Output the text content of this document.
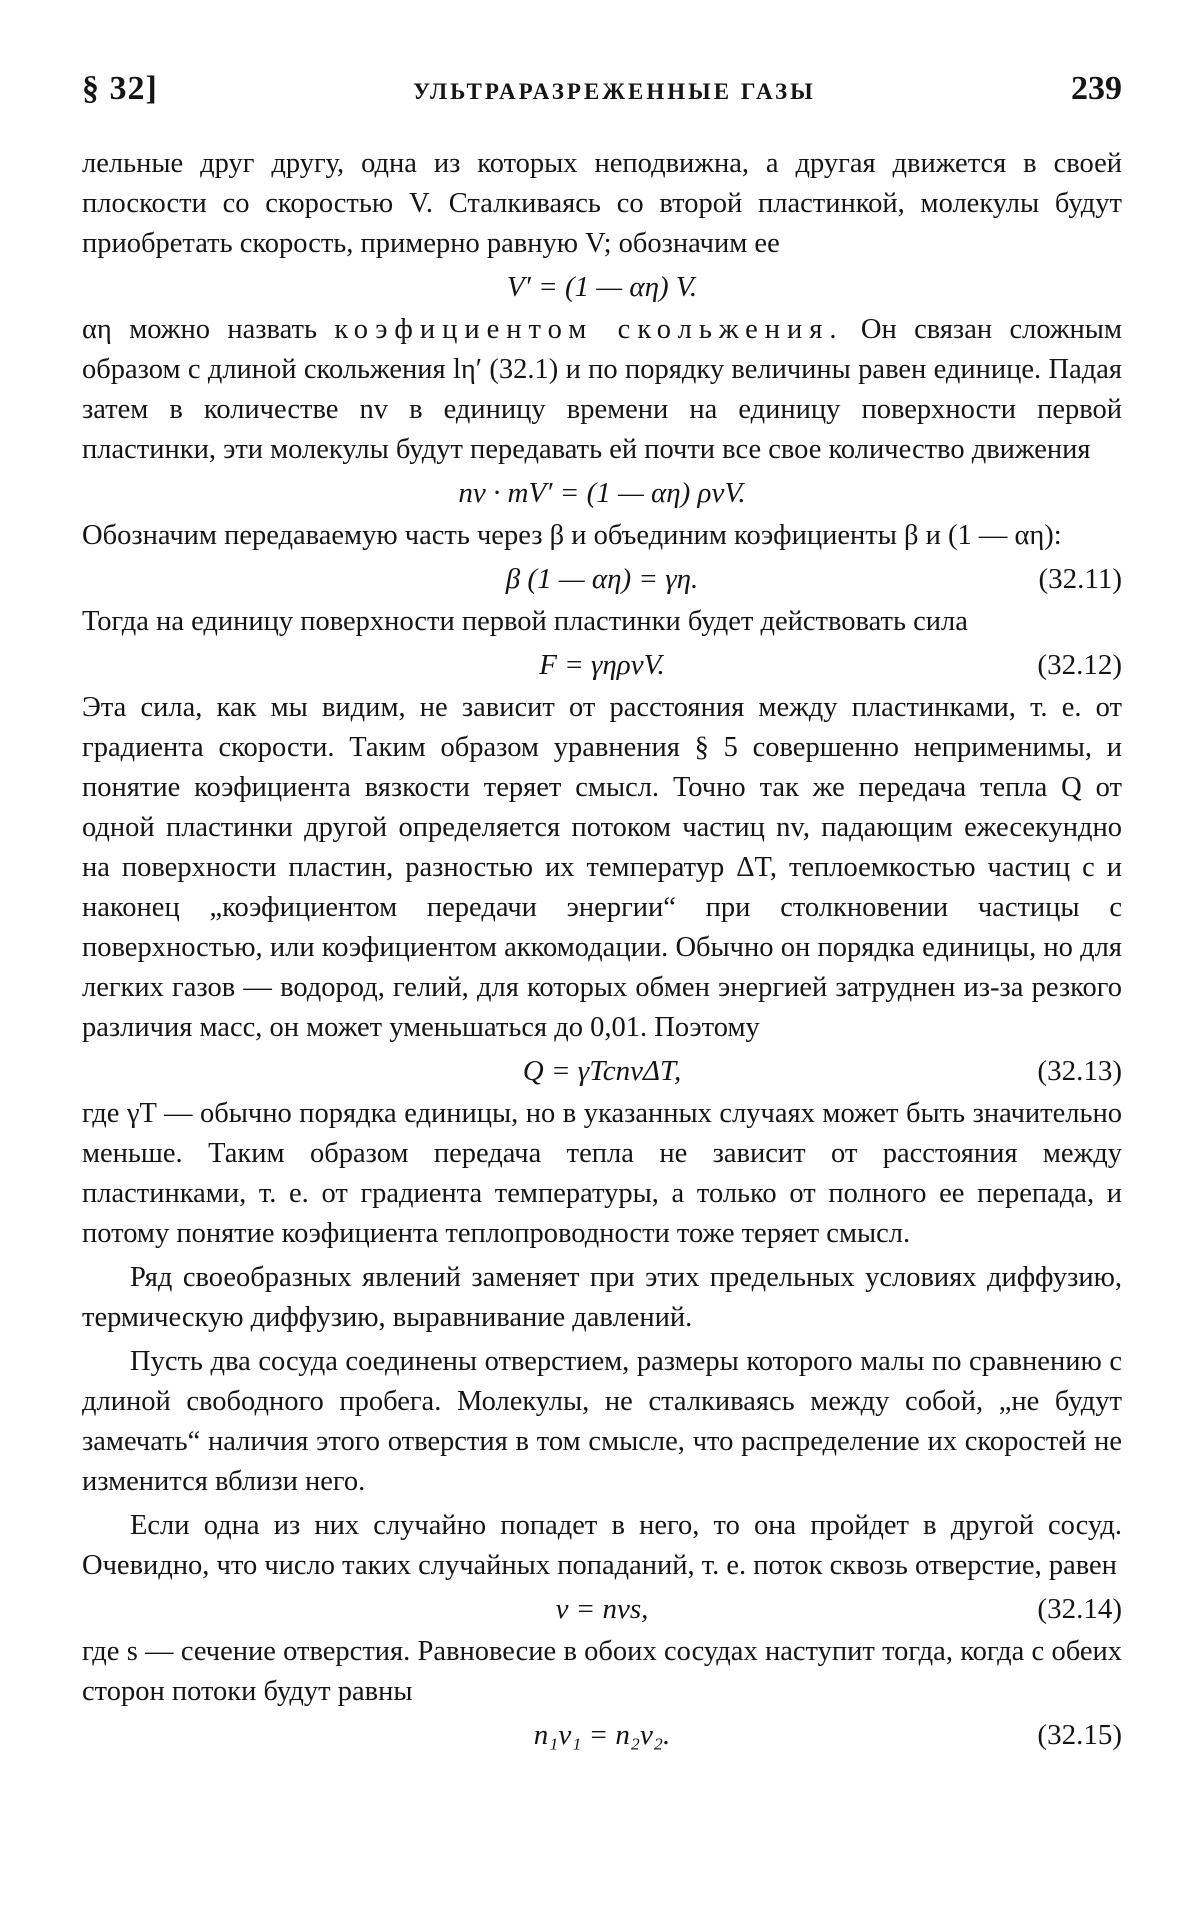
§ 32]	УЛЬТРАРАЗРЕЖЕННЫЕ ГАЗЫ	239

лельные друг другу, одна из которых неподвижна, а другая движется в своей плоскости со скоростью V. Сталкиваясь со второй пластинкой, молекулы будут приобретать скорость, примерно равную V; обозначим ее

V′ = (1 — αη) V.

αη можно назвать коэфициентом скольжения. Он связан сложным образом с длиной скольжения lη′ (32.1) и по порядку величины равен единице. Падая затем в количестве nv в единицу времени на единицу поверхности первой пластинки, эти молекулы будут передавать ей почти все свое количество движения

nv · mV′ = (1 — αη) ρvV.

Обозначим передаваемую часть через β и объединим коэфициенты β и (1 — αη):

β (1 — αη) = γη.	(32.11)

Тогда на единицу поверхности первой пластинки будет действовать сила

F = γηρvV.	(32.12)

Эта сила, как мы видим, не зависит от расстояния между пластинками, т. е. от градиента скорости. Таким образом уравнения § 5 совершенно неприменимы, и понятие коэфициента вязкости теряет смысл. Точно так же передача тепла Q от одной пластинки другой определяется потоком частиц nv, падающим ежесекундно на поверхности пластин, разностью их температур ΔT, теплоемкостью частиц c и наконец „коэфициентом передачи энергии“ при столкновении частицы с поверхностью, или коэфициентом аккомодации. Обычно он порядка единицы, но для легких газов — водород, гелий, для которых обмен энергией затруднен из-за резкого различия масс, он может уменьшаться до 0,01. Поэтому

Q = γTcnvΔT,	(32.13)

где γT — обычно порядка единицы, но в указанных случаях может быть значительно меньше. Таким образом передача тепла не зависит от расстояния между пластинками, т. е. от градиента температуры, а только от полного ее перепада, и потому понятие коэфициента теплопроводности тоже теряет смысл.

Ряд своеобразных явлений заменяет при этих предельных условиях диффузию, термическую диффузию, выравнивание давлений.

Пусть два сосуда соединены отверстием, размеры которого малы по сравнению с длиной свободного пробега. Молекулы, не сталкиваясь между собой, „не будут замечать“ наличия этого отверстия в том смысле, что распределение их скоростей не изменится вблизи него.

Если одна из них случайно попадет в него, то она пройдет в другой сосуд. Очевидно, что число таких случайных попаданий, т. е. поток сквозь отверстие, равен

ν = nvs,	(32.14)

где s — сечение отверстия. Равновесие в обоих сосудах наступит тогда, когда с обеих сторон потоки будут равны

n₁v₁ = n₂v₂.	(32.15)
